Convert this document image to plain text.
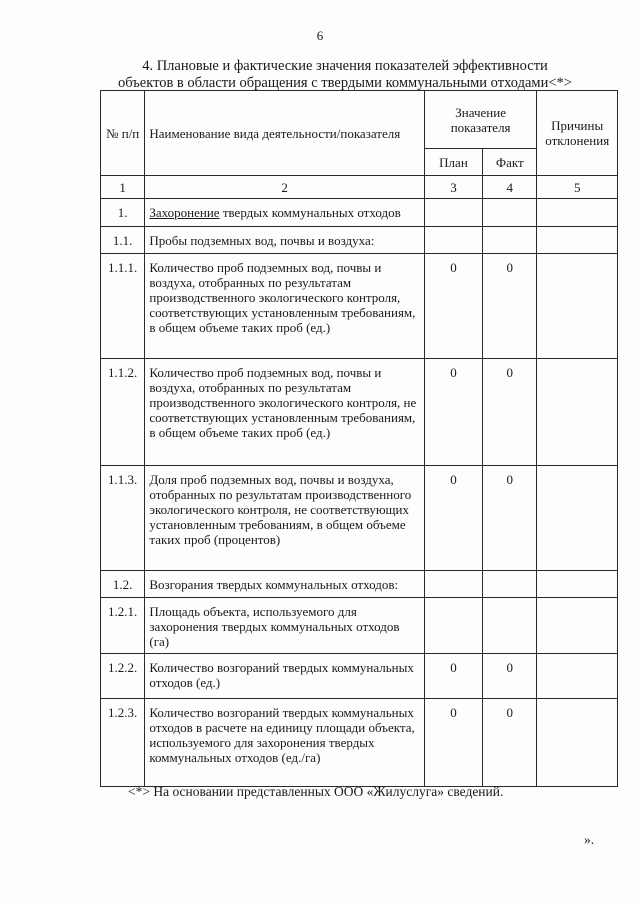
6
4. Плановые и фактические значения показателей эффективности
объектов в области обращения с твердыми коммунальными отходами<*>
№ п/п	Наименование вида деятельности/показателя	Значение показателя		Причины отклонения

		План	Факт	
1	2	3	4	5
1.	Захоронение твердых коммунальных отходов			
1.1.	Пробы подземных вод, почвы и воздуха:			
1.1.1.	Количество проб подземных вод, почвы и воздуха, отобранных по результатам производственного экологического контроля, соответствующих установленным требованиям, в общем объеме таких проб (ед.)	0	0	
1.1.2.	Количество проб подземных вод, почвы и воздуха, отобранных по результатам производственного экологического контроля, не соответствующих установленным требованиям, в общем объеме таких проб (ед.)	0	0	
1.1.3.	Доля проб подземных вод, почвы и воздуха, отобранных по результатам производственного экологического контроля, не соответствующих установленным требованиям, в общем объеме таких проб (процентов)	0	0	
1.2.	Возгорания твердых коммунальных отходов:			
1.2.1.	Площадь объекта, используемого для захоронения твердых коммунальных отходов (га)			
1.2.2.	Количество возгораний твердых коммунальных отходов (ед.)	0	0	
1.2.3.	Количество возгораний твердых коммунальных отходов в расчете на единицу площади объекта, используемого для захоронения твердых коммунальных отходов (ед./га)	0	0	
<*> На основании представленных ООО «Жилуслуга» сведений.
».
